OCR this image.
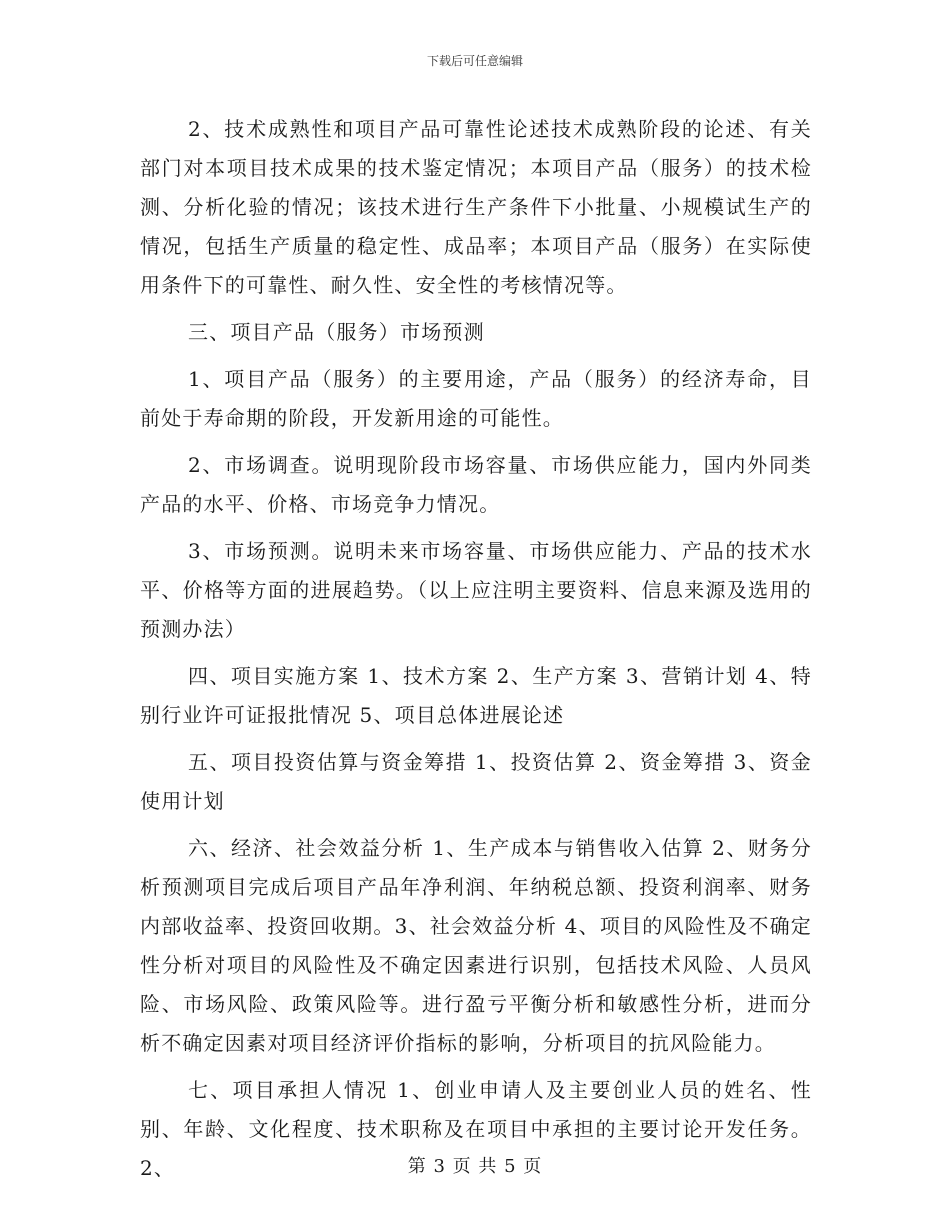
下载后可任意编辑

2、技术成熟性和项目产品可靠性论述技术成熟阶段的论述、有关部门对本项目技术成果的技术鉴定情况；本项目产品（服务）的技术检测、分析化验的情况；该技术进行生产条件下小批量、小规模试生产的情况，包括生产质量的稳定性、成品率；本项目产品（服务）在实际使用条件下的可靠性、耐久性、安全性的考核情况等。

三、项目产品（服务）市场预测

1、项目产品（服务）的主要用途，产品（服务）的经济寿命，目前处于寿命期的阶段，开发新用途的可能性。

2、市场调查。说明现阶段市场容量、市场供应能力，国内外同类产品的水平、价格、市场竞争力情况。

3、市场预测。说明未来市场容量、市场供应能力、产品的技术水平、价格等方面的进展趋势。（以上应注明主要资料、信息来源及选用的预测办法）

四、项目实施方案 1、技术方案 2、生产方案 3、营销计划 4、特别行业许可证报批情况 5、项目总体进展论述

五、项目投资估算与资金筹措 1、投资估算 2、资金筹措 3、资金使用计划

六、经济、社会效益分析 1、生产成本与销售收入估算 2、财务分析预测项目完成后项目产品年净利润、年纳税总额、投资利润率、财务内部收益率、投资回收期。3、社会效益分析 4、项目的风险性及不确定性分析对项目的风险性及不确定因素进行识别，包括技术风险、人员风险、市场风险、政策风险等。进行盈亏平衡分析和敏感性分析，进而分析不确定因素对项目经济评价指标的影响，分析项目的抗风险能力。

七、项目承担人情况 1、创业申请人及主要创业人员的姓名、性别、年龄、文化程度、技术职称及在项目中承担的主要讨论开发任务。2、	第 3 页 共 5 页
